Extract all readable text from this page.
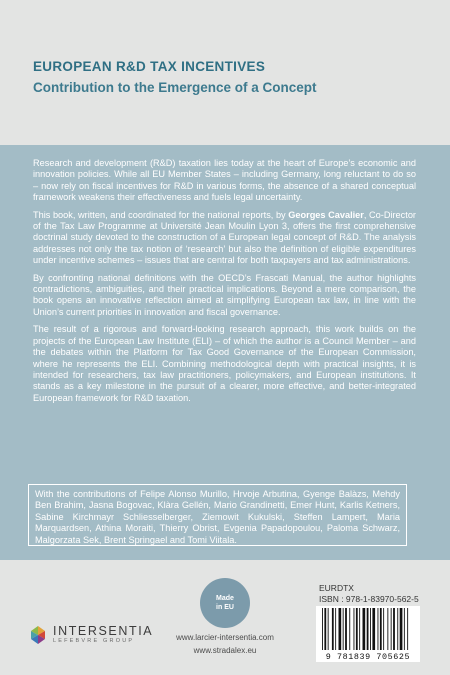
EUROPEAN R&D TAX INCENTIVES
Contribution to the Emergence of a Concept

Research and development (R&D) taxation lies today at the heart of Europe’s economic and innovation policies. While all EU Member States – including Germany, long reluctant to do so – now rely on fiscal incentives for R&D in various forms, the absence of a shared conceptual framework weakens their effectiveness and fuels legal uncertainty.

This book, written, and coordinated for the national reports, by Georges Cavalier, Co-Director of the Tax Law Programme at Université Jean Moulin Lyon 3, offers the first comprehensive doctrinal study devoted to the construction of a European legal concept of R&D. The analysis addresses not only the tax notion of ‘research’ but also the definition of eligible expenditures under incentive schemes – issues that are central for both taxpayers and tax administrations.

By confronting national definitions with the OECD’s Frascati Manual, the author highlights contradictions, ambiguities, and their practical implications. Beyond a mere comparison, the book opens an innovative reflection aimed at simplifying European tax law, in line with the Union’s current priorities in innovation and fiscal governance.

The result of a rigorous and forward-looking research approach, this work builds on the projects of the European Law Institute (ELI) – of which the author is a Council Member – and the debates within the Platform for Tax Good Governance of the European Commission, where he represents the ELI. Combining methodological depth with practical insights, it is intended for researchers, tax law practitioners, policymakers, and European institutions. It stands as a key milestone in the pursuit of a clearer, more effective, and better-integrated European framework for R&D taxation.

With the contributions of Felipe Alonso Murillo, Hrvoje Arbutina, Gyenge Balàzs, Mehdy Ben Brahim, Jasna Bogovac, Klàra Gellén, Mario Grandinetti, Emer Hunt, Karlis Ketners, Sabine Kirchmayr Schliesselberger, Ziemowit Kukulski, Steffen Lampert, Maria Marquardsen, Athina Moraiti, Thierry Obrist, Evgenia Papadopoulou, Paloma Schwarz, Malgorzata Sek, Brent Springael and Tomi Viitala.
Made
in EU
INTERSENTIA
LEFEBVRE GROUP	www.larcier-intersentia.com
www.stradalex.eu
EURDTX
ISBN : 978-1-83970-562-5
9 781839 705625
